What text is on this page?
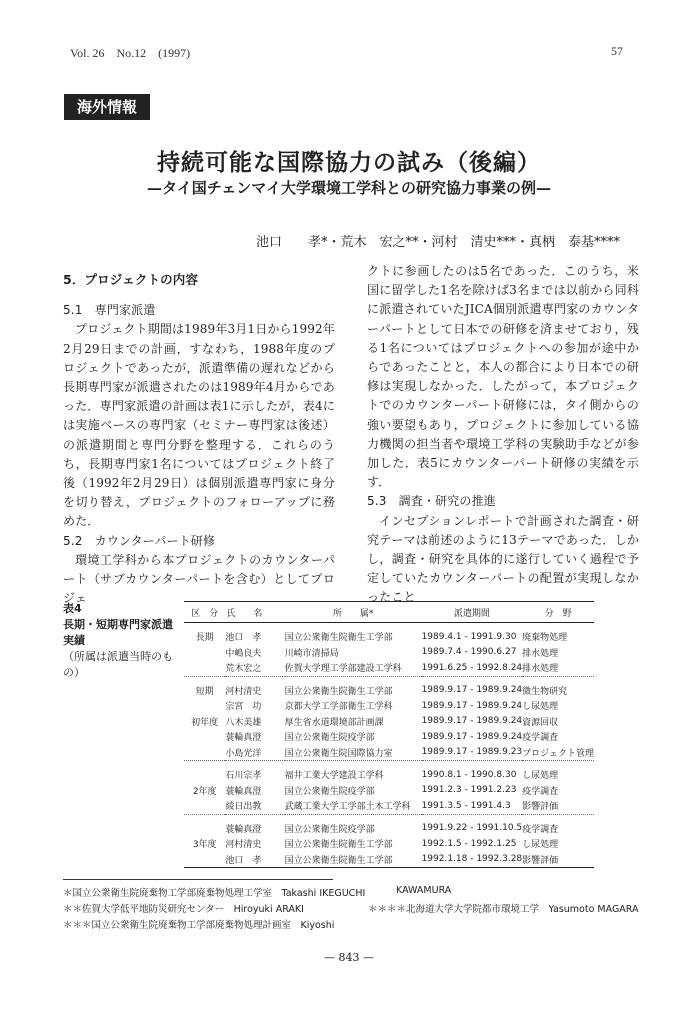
Vol. 26　No.12　(1997)	57
海外情報
持続可能な国際協力の試み（後編）
—タイ国チェンマイ大学環境工学科との研究協力事業の例—
池口　　孝*・荒木　宏之**・河村　清史***・真柄　泰基****
5．プロジェクトの内容
5.1　専門家派遣

プロジェクト期間は1989年3月1日から1992年2月29日までの計画，すなわち，1988年度のプロジェクトであったが，派遣準備の遅れなどから長期専門家が派遣されたのは1989年4月からであった．専門家派遣の計画は表1に示したが，表4には実施ベースの専門家（セミナー専門家は後述）の派遣期間と専門分野を整理する．これらのうち，長期専門家1名についてはプロジェクト終了後（1992年2月29日）は個別派遣専門家に身分を切り替え，プロジェクトのフォローアップに務めた．

5.2　カウンターパート研修

環境工学科から本プロジェクトのカウンターパート（サブカウンターパートを含む）としてプロジェ

クトに参画したのは5名であった．このうち，米国に留学した1名を除けば3名までは以前から同科に派遣されていたJICA個別派遣専門家のカウンターパートとして日本での研修を済ませており，残る1名についてはプロジェクトへの参加が途中からであったことと，本人の都合により日本での研修は実現しなかった．したがって，本プロジェクトでのカウンターパート研修には，タイ側からの強い要望もあり，プロジェクトに参加している協力機関の担当者や環境工学科の実験助手などが参加した．表5にカウンターパート研修の実績を示す．

5.3　調査・研究の推進

インセプションレポートで計画された調査・研究テーマは前述のように13テーマであった．しかし，調査・研究を具体的に遂行していく過程で予定していたカウンターパートの配置が実現しなかったこと

表4
長期・短期専門家派遣
実績
（所属は派遣当時のも
の）
区　分	氏　　名	所　　属*	派遣期間	分　野
長期	池口　孝	国立公衆衛生院衛生工学部	1989.4.1 - 1991.9.30	廃棄物処理
	中嶋良夫	川崎市清掃局	1989.7.4 - 1990.6.27	排水処理
	荒木宏之	佐賀大学理工学部建設工学科	1991.6.25 - 1992.8.24	排水処理
短期	河村清史	国立公衆衛生院衛生工学部	1989.9.17 - 1989.9.24	微生物研究
	宗宮　功	京都大学工学部衛生工学科	1989.9.17 - 1989.9.24	し尿処理
初年度	八木美雄	厚生省水道環境部計画課	1989.9.17 - 1989.9.24	資源回収
	蓑輪真澄	国立公衆衛生院疫学部	1989.9.17 - 1989.9.24	疫学調査
	小島光洋	国立公衆衛生院国際協力室	1989.9.17 - 1989.9.23	プロジェクト管理
	石川宗孝	福井工業大学建設工学科	1990.8.1 - 1990.8.30	し尿処理
2年度	蓑輪真澄	国立公衆衛生院疫学部	1991.2.3 - 1991.2.23	疫学調査
	綾日出教	武蔵工業大学工学部土木工学科	1991.3.5 - 1991.4.3	影響評価
	蓑輪真澄	国立公衆衛生院疫学部	1991.9.22 - 1991.10.5	疫学調査
3年度	河村清史	国立公衆衛生院衛生工学部	1992.1.5 - 1992.1.25	し尿処理
	池口　孝	国立公衆衛生院衛生工学部	1992.1.18 - 1992.3.28	影響評価
＊国立公衆衛生院廃棄物工学部廃棄物処理工学室　Takashi IKEGUCHI
＊＊佐賀大学低平地防災研究センター　Hiroyuki ARAKI
＊＊＊国立公衆衛生院廃棄物工学部廃棄物処理計画室　Kiyoshi
KAWAMURA
＊＊＊＊北海道大学大学院都市環境工学　Yasumoto MAGARA
— 843 —
